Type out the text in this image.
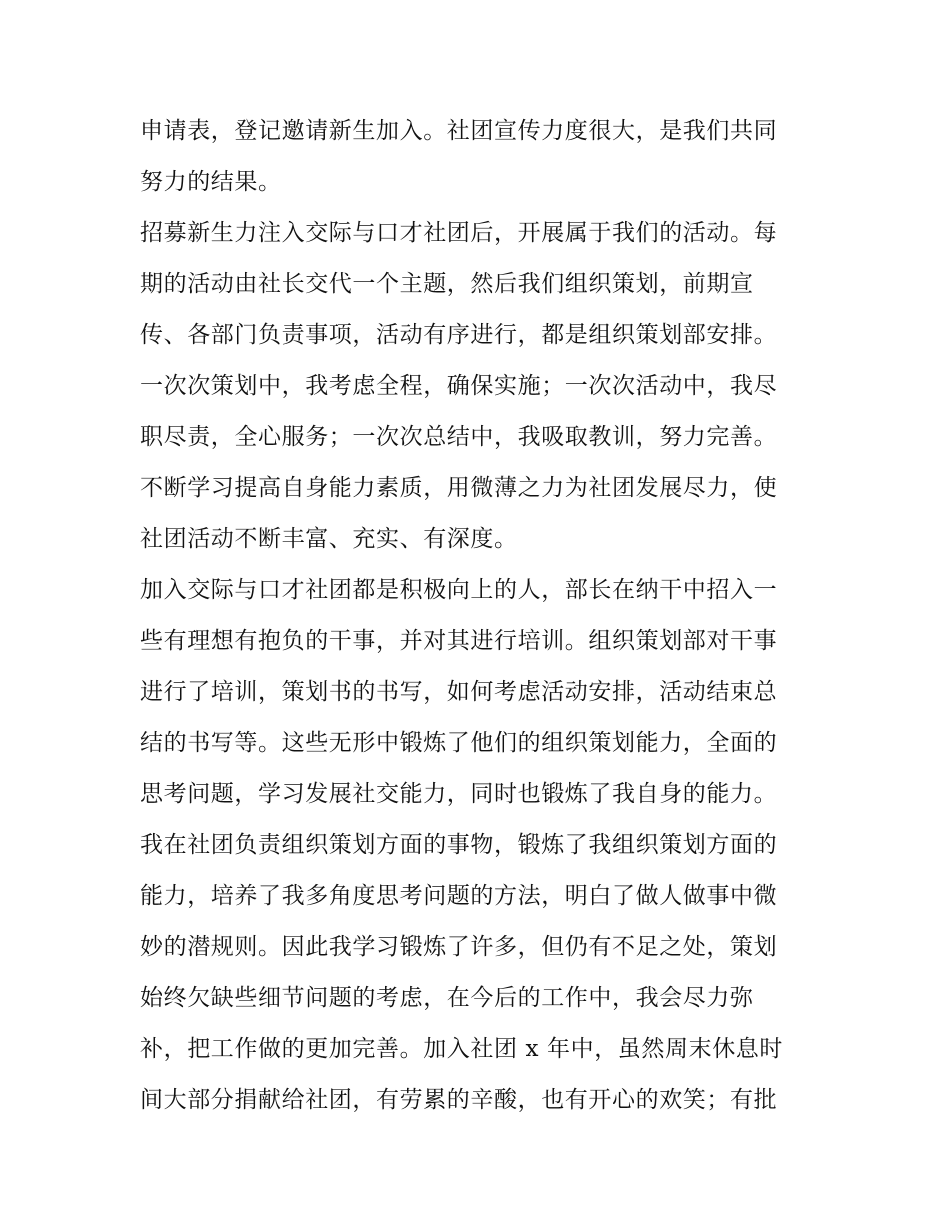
申请表，登记邀请新生加入。社团宣传力度很大，是我们共同
努力的结果。
招募新生力注入交际与口才社团后，开展属于我们的活动。每
期的活动由社长交代一个主题，然后我们组织策划，前期宣
传、各部门负责事项，活动有序进行，都是组织策划部安排。
一次次策划中，我考虑全程，确保实施；一次次活动中，我尽
职尽责，全心服务；一次次总结中，我吸取教训，努力完善。
不断学习提高自身能力素质，用微薄之力为社团发展尽力，使
社团活动不断丰富、充实、有深度。
加入交际与口才社团都是积极向上的人，部长在纳干中招入一
些有理想有抱负的干事，并对其进行培训。组织策划部对干事
进行了培训，策划书的书写，如何考虑活动安排，活动结束总
结的书写等。这些无形中锻炼了他们的组织策划能力，全面的
思考问题，学习发展社交能力，同时也锻炼了我自身的能力。
我在社团负责组织策划方面的事物，锻炼了我组织策划方面的
能力，培养了我多角度思考问题的方法，明白了做人做事中微
妙的潜规则。因此我学习锻炼了许多，但仍有不足之处，策划
始终欠缺些细节问题的考虑，在今后的工作中，我会尽力弥
补，把工作做的更加完善。加入社团 x 年中，虽然周末休息时
间大部分捐献给社团，有劳累的辛酸，也有开心的欢笑；有批
